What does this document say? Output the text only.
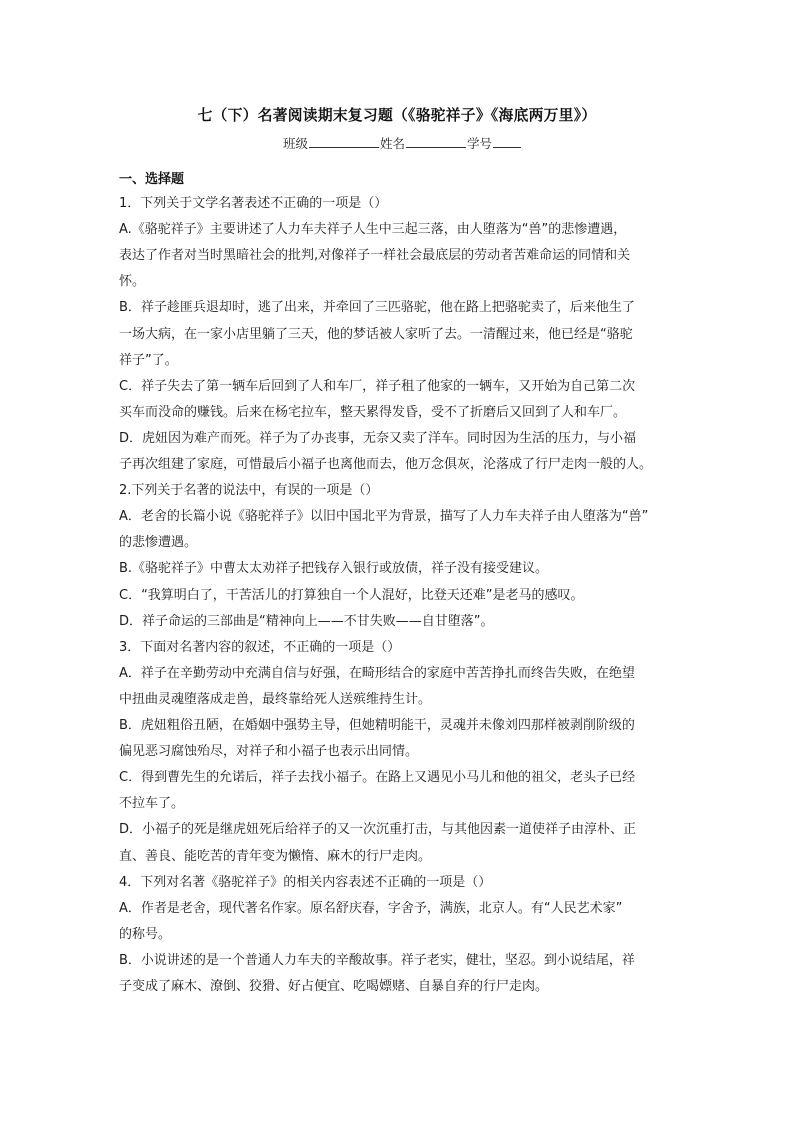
七（下）名著阅读期末复习题（《骆驼祥子》《海底两万里》）
班级	姓名	学号
一、选择题
1．下列关于文学名著表述不正确的一项是（）
A.《骆驼祥子》主要讲述了人力车夫祥子人生中三起三落，由人堕落为“兽”的悲惨遭遇，
表达了作者对当时黑暗社会的批判,对像祥子一样社会最底层的劳动者苦难命运的同情和关
怀。
B．祥子趁匪兵退却时，逃了出来，并牵回了三匹骆驼，他在路上把骆驼卖了，后来他生了
一场大病，在一家小店里躺了三天，他的梦话被人家听了去。一清醒过来，他已经是“骆驼
祥子”了。
C．祥子失去了第一辆车后回到了人和车厂，祥子租了他家的一辆车，又开始为自己第二次
买车而没命的赚钱。后来在杨宅拉车，整天累得发昏，受不了折磨后又回到了人和车厂。
D．虎妞因为难产而死。祥子为了办丧事，无奈又卖了洋车。同时因为生活的压力，与小福
子再次组建了家庭，可惜最后小福子也离他而去，他万念俱灰，沦落成了行尸走肉一般的人。
2.下列关于名著的说法中，有误的一项是（）
A．老舍的长篇小说《骆驼祥子》以旧中国北平为背景，描写了人力车夫祥子由人堕落为“兽”
的悲惨遭遇。
B.《骆驼祥子》中曹太太劝祥子把钱存入银行或放债，祥子没有接受建议。
C．“我算明白了，干苦活儿的打算独自一个人混好，比登天还难”是老马的感叹。
D．祥子命运的三部曲是“精神向上——不甘失败——自甘堕落”。
3．下面对名著内容的叙述，不正确的一项是（）
A．祥子在辛勤劳动中充满自信与好强，在畸形结合的家庭中苦苦挣扎而终告失败，在绝望
中扭曲灵魂堕落成走兽，最终靠给死人送殡维持生计。
B．虎妞粗俗丑陋，在婚姻中强势主导，但她精明能干，灵魂并未像刘四那样被剥削阶级的
偏见恶习腐蚀殆尽，对祥子和小福子也表示出同情。
C．得到曹先生的允诺后，祥子去找小福子。在路上又遇见小马儿和他的祖父，老头子已经
不拉车了。
D．小福子的死是继虎妞死后给祥子的又一次沉重打击，与其他因素一道使祥子由淳朴、正
直、善良、能吃苦的青年变为懒惰、麻木的行尸走肉。
4．下列对名著《骆驼祥子》的相关内容表述不正确的一项是（）
A．作者是老舍，现代著名作家。原名舒庆春，字舍予，满族，北京人。有“人民艺术家”
的称号。
B．小说讲述的是一个普通人力车夫的辛酸故事。祥子老实，健壮，坚忍。到小说结尾，祥
子变成了麻木、潦倒、狡猾、好占便宜、吃喝嫖赌、自暴自弃的行尸走肉。
